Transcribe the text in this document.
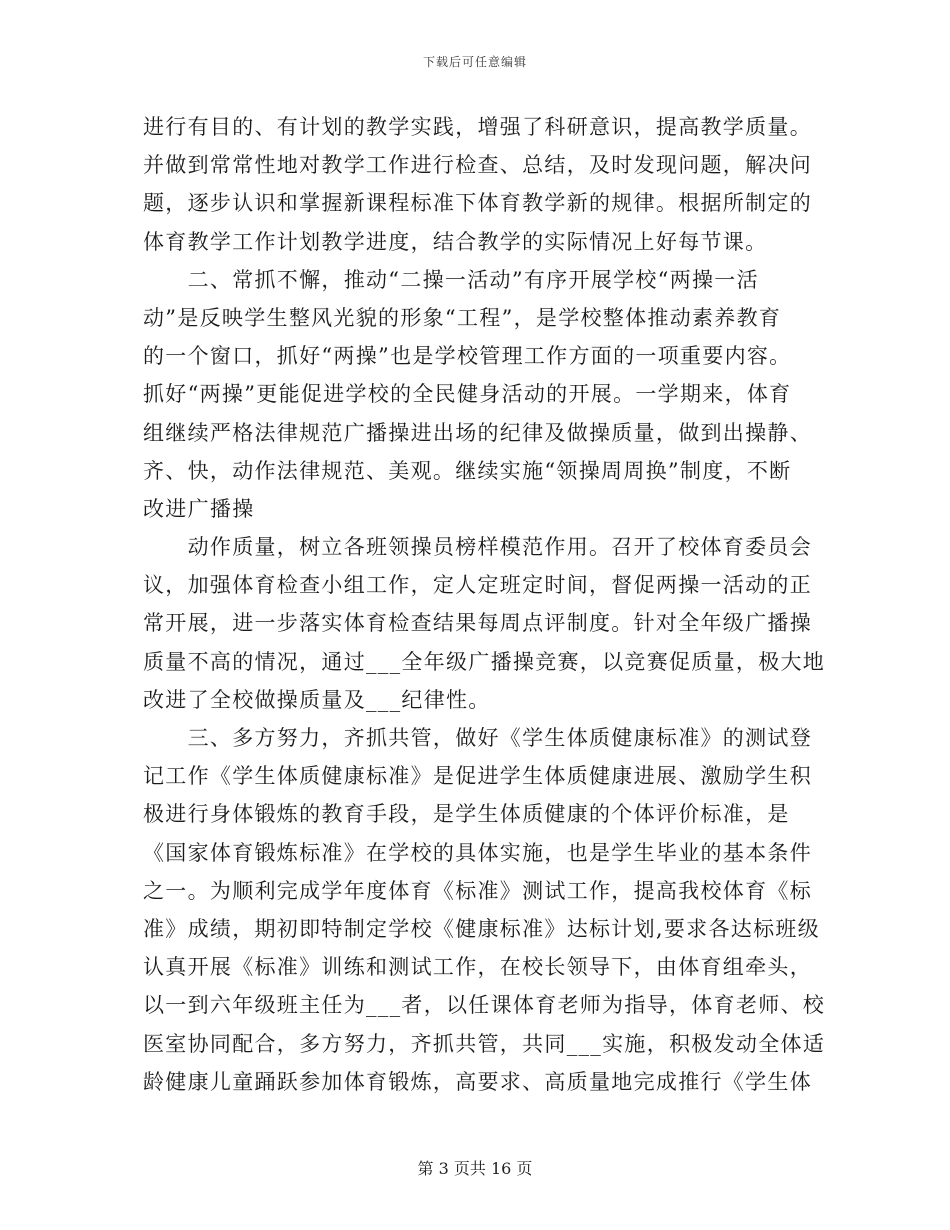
下载后可任意编辑
进行有目的、有计划的教学实践，增强了科研意识，提高教学质量。
并做到常常性地对教学工作进行检查、总结，及时发现问题，解决问
题，逐步认识和掌握新课程标准下体育教学新的规律。根据所制定的
体育教学工作计划教学进度，结合教学的实际情况上好每节课。
　　二、常抓不懈，推动“二操一活动”有序开展学校“两操一活
动”是反映学生整风光貌的形象“工程”，是学校整体推动素养教育
的一个窗口，抓好“两操”也是学校管理工作方面的一项重要内容。
抓好“两操”更能促进学校的全民健身活动的开展。一学期来，体育
组继续严格法律规范广播操进出场的纪律及做操质量，做到出操静、
齐、快，动作法律规范、美观。继续实施“领操周周换”制度，不断
改进广播操
　　动作质量，树立各班领操员榜样模范作用。召开了校体育委员会
议，加强体育检查小组工作，定人定班定时间，督促两操一活动的正
常开展，进一步落实体育检查结果每周点评制度。针对全年级广播操
质量不高的情况，通过___全年级广播操竞赛，以竞赛促质量，极大地
改进了全校做操质量及___纪律性。
　　三、多方努力，齐抓共管，做好《学生体质健康标准》的测试登
记工作《学生体质健康标准》是促进学生体质健康进展、激励学生积
极进行身体锻炼的教育手段，是学生体质健康的个体评价标准，是
《国家体育锻炼标准》在学校的具体实施，也是学生毕业的基本条件
之一。为顺利完成学年度体育《标准》测试工作，提高我校体育《标
准》成绩，期初即特制定学校《健康标准》达标计划,要求各达标班级
认真开展《标准》训练和测试工作，在校长领导下，由体育组牵头，
以一到六年级班主任为___者，以任课体育老师为指导，体育老师、校
医室协同配合，多方努力，齐抓共管，共同___实施，积极发动全体适
龄健康儿童踊跃参加体育锻炼，高要求、高质量地完成推行《学生体
第 3 页共 16 页
